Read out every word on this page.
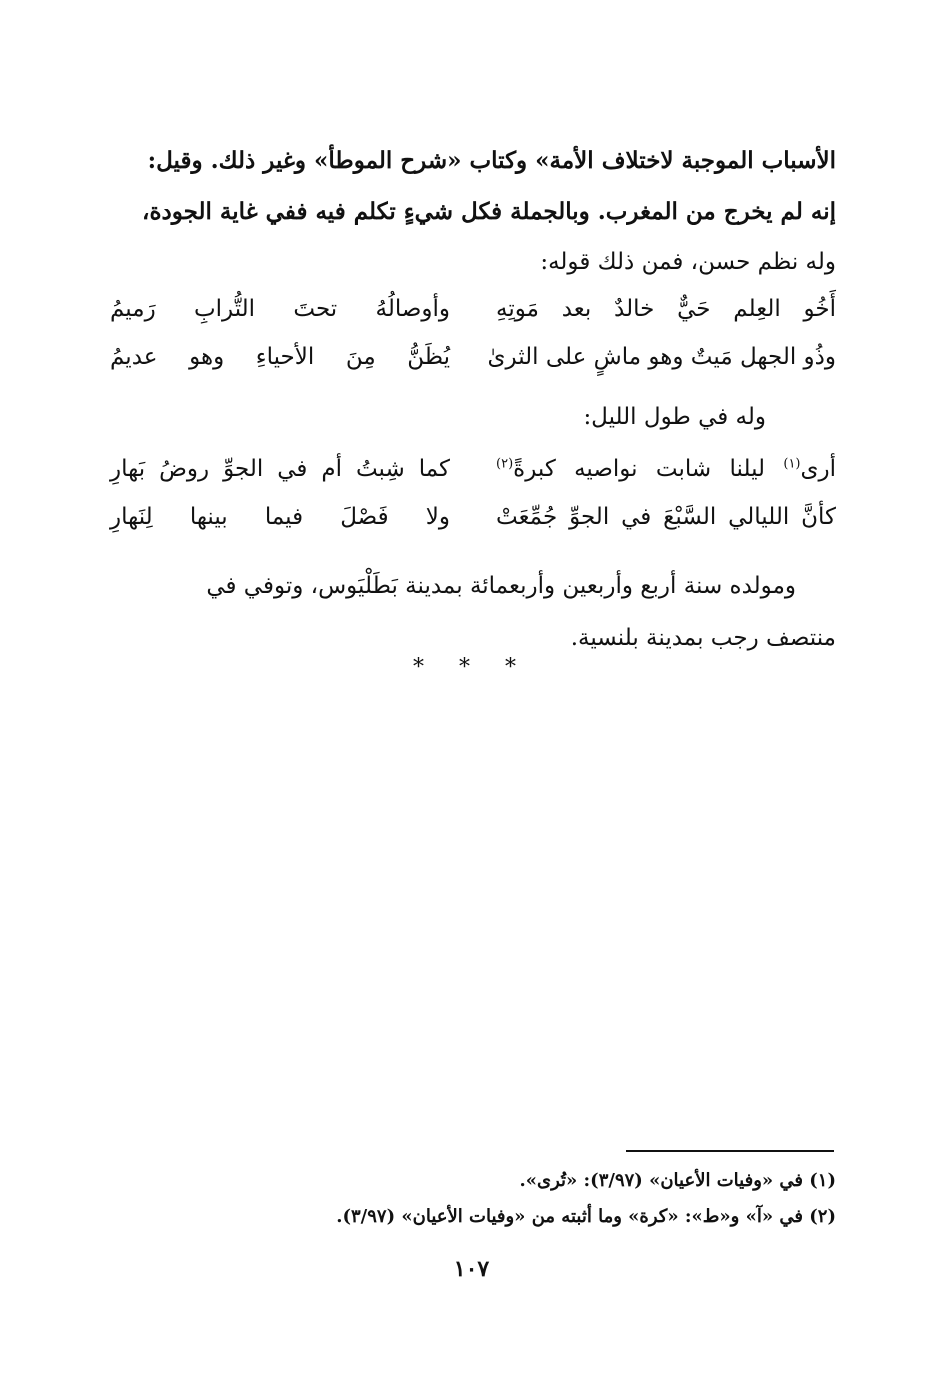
الأسباب الموجبة لاختلاف الأمة» وكتاب «شرح الموطأ» وغير ذلك. وقيل:
إنه لم يخرج من المغرب. وبالجملة فكل شيءٍ تكلم فيه ففي غاية الجودة،
وله نظم حسن، فمن ذلك قوله:
أَخُو العِلم حَيٌّ خالدٌ بعد مَوتِهِ
وأوصالُهُ تحتَ التُّرابِ رَميمُ
وذُو الجهل مَيتٌ وهو ماشٍ على الثرىٰ
يُظَنُّ مِنَ الأحياءِ وهو عديمُ
وله في طول الليل:
أرى$^{(١)}$ ليلنا شابت نواصيه كبرةً$^{(٢)}$
كما شِبتُ أم في الجوِّ روضُ بَهارِ
كأنَّ الليالي السَّبْعَ في الجوِّ جُمِّعَتْ
ولا فَصْلَ فيما بينها لِنَهارِ
ومولده سنة أربع وأربعين وأربعمائة بمدينة بَطَلْيَوس، وتوفي في
منتصف رجب بمدينة بلنسية.
* * *
(١) في «وفيات الأعيان» (٣/٩٧): «تُرى».
(٢) في «آ» و«ط»: «كرة» وما أثبته من «وفيات الأعيان» (٣/٩٧).
١٠٧
